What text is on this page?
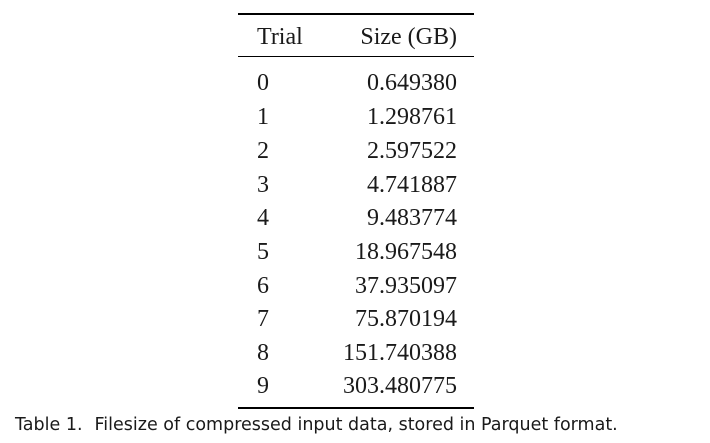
Trial Size (GB)
0	0.649380
1	1.298761
2	2.597522
3	4.741887
4	9.483774
5	18.967548
6	37.935097
7	75.870194
8	151.740388
9	303.480775
Table 1. Filesize of compressed input data, stored in Parquet format.
